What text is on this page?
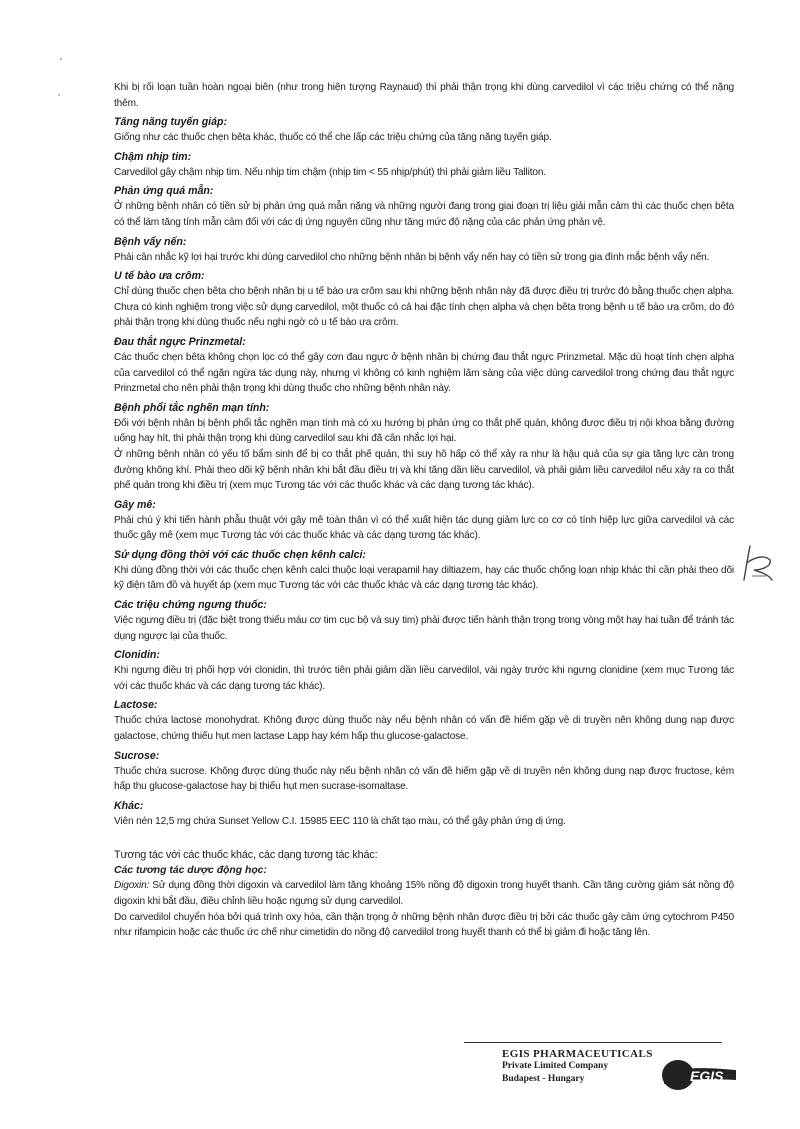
Khi bị rối loạn tuần hoàn ngoại biên (như trong hiện tượng Raynaud) thì phải thận trọng khi dùng carvedilol vì các triệu chứng có thể nặng thêm.

Tăng năng tuyến giáp:

Giống như các thuốc chẹn bêta khác, thuốc có thể che lấp các triệu chứng của tăng năng tuyến giáp.

Chậm nhịp tim:

Carvedilol gây chậm nhịp tim. Nếu nhịp tim chậm (nhịp tim < 55 nhịp/phút) thì phải giảm liều Talliton.

Phản ứng quá mẫn:

Ở những bệnh nhân có tiền sử bị phản ứng quá mẫn nặng và những người đang trong giai đoạn trị liệu giải mẫn cảm thì các thuốc chẹn bêta có thể làm tăng tính mẫn cảm đối với các dị ứng nguyên cũng như tăng mức độ nặng của các phản ứng phản vệ.

Bệnh vẩy nến:

Phải cân nhắc kỹ lợi hại trước khi dùng carvedilol cho những bệnh nhân bị bệnh vẩy nến hay có tiền sử trong gia đình mắc bệnh vẩy nến.

U tế bào ưa crôm:

Chỉ dùng thuốc chẹn bêta cho bệnh nhân bị u tế bào ưa crôm sau khi những bệnh nhân này đã được điều trị trước đó bằng thuốc chẹn alpha. Chưa có kinh nghiệm trong việc sử dụng carvedilol, một thuốc có cả hai đặc tính chẹn alpha và chẹn bêta trong bệnh u tế bào ưa crôm, do đó phải thận trọng khi dùng thuốc nếu nghi ngờ có u tế bào ưa crôm.

Đau thắt ngực Prinzmetal:

Các thuốc chẹn bêta không chọn lọc có thể gây cơn đau ngực ở bệnh nhân bị chứng đau thắt ngực Prinzmetal. Mặc dù hoạt tính chẹn alpha của carvedilol có thể ngăn ngừa tác dụng này, nhưng vì không có kinh nghiệm lâm sàng của việc dùng carvedilol trong chứng đau thắt ngực Prinzmetal cho nên phải thận trọng khi dùng thuốc cho những bệnh nhân này.

Bệnh phổi tắc nghẽn mạn tính:

Đối với bệnh nhân bị bệnh phổi tắc nghẽn mạn tính mà có xu hướng bị phản ứng co thắt phế quản, không được điều trị nội khoa bằng đường uống hay hít, thì phải thận trọng khi dùng carvedilol sau khi đã cân nhắc lợi hại.

Ở những bệnh nhân có yếu tố bẩm sinh để bị co thắt phế quản, thì suy hô hấp có thể xảy ra như là hậu quả của sự gia tăng lực cản trong đường không khí. Phải theo dõi kỹ bệnh nhân khi bắt đầu điều trị và khi tăng dần liều carvedilol, và phải giảm liều carvedilol nếu xảy ra co thắt phế quản trong khi điều trị (xem mục Tương tác với các thuốc khác và các dạng tương tác khác).

Gây mê:

Phải chú ý khi tiến hành phẫu thuật với gây mê toàn thân vì có thể xuất hiện tác dụng giảm lực co cơ có tính hiệp lực giữa carvedilol và các thuốc gây mê (xem mục Tương tác với các thuốc khác và các dạng tương tác khác).

Sử dụng đồng thời với các thuốc chẹn kênh calci:

Khi dùng đồng thời với các thuốc chẹn kênh calci thuộc loại verapamil hay diltiazem, hay các thuốc chống loạn nhịp khác thì cần phải theo dõi kỹ điện tâm đồ và huyết áp (xem mục Tương tác với các thuốc khác và các dạng tương tác khác).

Các triệu chứng ngưng thuốc:

Việc ngưng điều trị (đặc biệt trong thiếu máu cơ tim cục bộ và suy tim) phải được tiến hành thận trọng trong vòng một hay hai tuần để tránh tác dụng ngược lại của thuốc.

Clonidin:

Khi ngưng điều trị phối hợp với clonidin, thì trước tiên phải giảm dần liều carvedilol, vài ngày trước khi ngưng clonidine (xem mục Tương tác với các thuốc khác và các dạng tương tác khác).

Lactose:

Thuốc chứa lactose monohydrat. Không được dùng thuốc này nếu bệnh nhân có vấn đề hiếm gặp về di truyền nên không dung nạp được galactose, chứng thiếu hụt men lactase Lapp hay kém hấp thu glucose-galactose.

Sucrose:

Thuốc chứa sucrose. Không được dùng thuốc này nếu bệnh nhân có vấn đề hiếm gặp về di truyền nên không dung nạp được fructose, kém hấp thu glucose-galactose hay bị thiếu hụt men sucrase-isomaltase.

Khác:

Viên nén 12,5 mg chứa Sunset Yellow C.I. 15985 EEC 110 là chất tạo màu, có thể gây phản ứng dị ứng.

Tương tác với các thuốc khác, các dạng tương tác khác:
Các tương tác dược động học:

Digoxin: Sử dụng đồng thời digoxin và carvedilol làm tăng khoảng 15% nồng độ digoxin trong huyết thanh. Cần tăng cường giám sát nồng độ digoxin khi bắt đầu, điều chỉnh liều hoặc ngưng sử dụng carvedilol.

Do carvedilol chuyển hóa bởi quá trình oxy hóa, cần thận trọng ở những bệnh nhân được điều trị bởi các thuốc gây cảm ứng cytochrom P450 như rifampicin hoặc các thuốc ức chế như cimetidin do nồng độ carvedilol trong huyết thanh có thể bị giảm đi hoặc tăng lên.

EGIS PHARMACEUTICALS
Private Limited Company
Budapest - Hungary	EGIS
